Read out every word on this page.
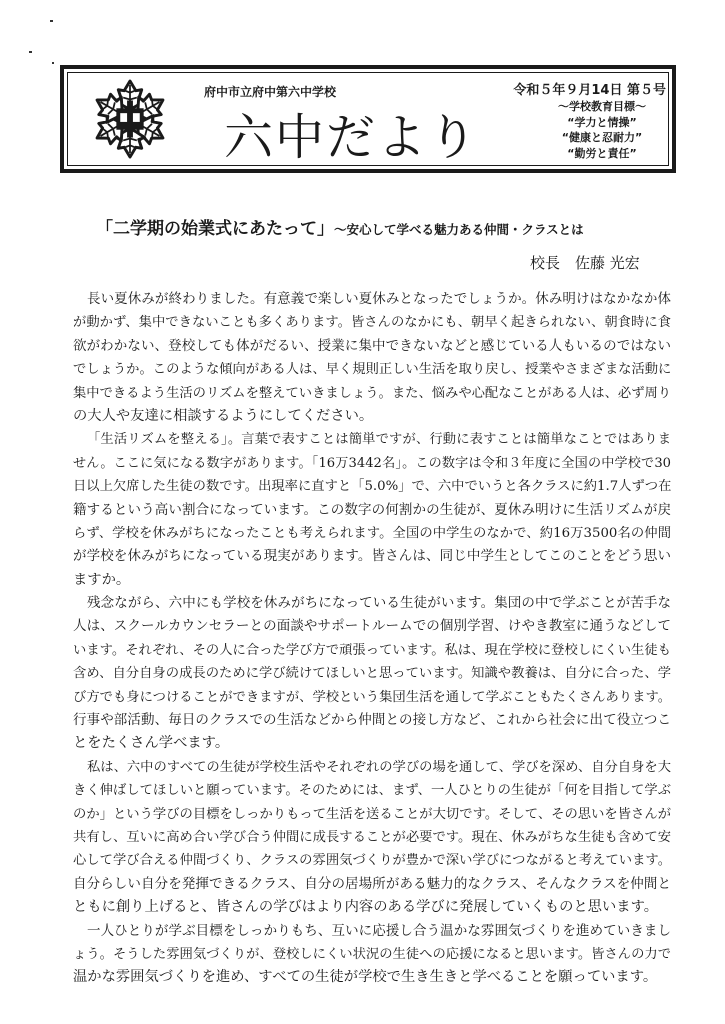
府中市立府中第六中学校
六中だより
令和５年９月14日 第５号
～学校教育目標～
“学力と情操”
“健康と忍耐力”
“勤労と責任”
「二学期の始業式にあたって」～安心して学べる魅力ある仲間・クラスとは
校長　佐藤 光宏
長い夏休みが終わりました。有意義で楽しい夏休みとなったでしょうか。休み明けはなかなか体
が動かず、集中できないことも多くあります。皆さんのなかにも、朝早く起きられない、朝食時に食
欲がわかない、登校しても体がだるい、授業に集中できないなどと感じている人もいるのではない
でしょうか。このような傾向がある人は、早く規則正しい生活を取り戻し、授業やさまざまな活動に
集中できるよう生活のリズムを整えていきましょう。また、悩みや心配なことがある人は、必ず周り
の大人や友達に相談するようにしてください。
「生活リズムを整える」。言葉で表すことは簡単ですが、行動に表すことは簡単なことではありま
せん。ここに気になる数字があります。「16万3442名」。この数字は令和３年度に全国の中学校で30
日以上欠席した生徒の数です。出現率に直すと「5.0%」で、六中でいうと各クラスに約1.7人ずつ在
籍するという高い割合になっています。この数字の何割かの生徒が、夏休み明けに生活リズムが戻
らず、学校を休みがちになったことも考えられます。全国の中学生のなかで、約16万3500名の仲間
が学校を休みがちになっている現実があります。皆さんは、同じ中学生としてこのことをどう思い
ますか。
残念ながら、六中にも学校を休みがちになっている生徒がいます。集団の中で学ぶことが苦手な
人は、スクールカウンセラーとの面談やサポートルームでの個別学習、けやき教室に通うなどして
います。それぞれ、その人に合った学び方で頑張っています。私は、現在学校に登校しにくい生徒も
含め、自分自身の成長のために学び続けてほしいと思っています。知識や教養は、自分に合った、学
び方でも身につけることができますが、学校という集団生活を通して学ぶこともたくさんあります。
行事や部活動、毎日のクラスでの生活などから仲間との接し方など、これから社会に出て役立つこ
とをたくさん学べます。
私は、六中のすべての生徒が学校生活やそれぞれの学びの場を通して、学びを深め、自分自身を大
きく伸ばしてほしいと願っています。そのためには、まず、一人ひとりの生徒が「何を目指して学ぶ
のか」という学びの目標をしっかりもって生活を送ることが大切です。そして、その思いを皆さんが
共有し、互いに高め合い学び合う仲間に成長することが必要です。現在、休みがちな生徒も含めて安
心して学び合える仲間づくり、クラスの雰囲気づくりが豊かで深い学びにつながると考えています。
自分らしい自分を発揮できるクラス、自分の居場所がある魅力的なクラス、そんなクラスを仲間と
ともに創り上げると、皆さんの学びはより内容のある学びに発展していくものと思います。
一人ひとりが学ぶ目標をしっかりもち、互いに応援し合う温かな雰囲気づくりを進めていきまし
ょう。そうした雰囲気づくりが、登校しにくい状況の生徒への応援になると思います。皆さんの力で
温かな雰囲気づくりを進め、すべての生徒が学校で生き生きと学べることを願っています。
